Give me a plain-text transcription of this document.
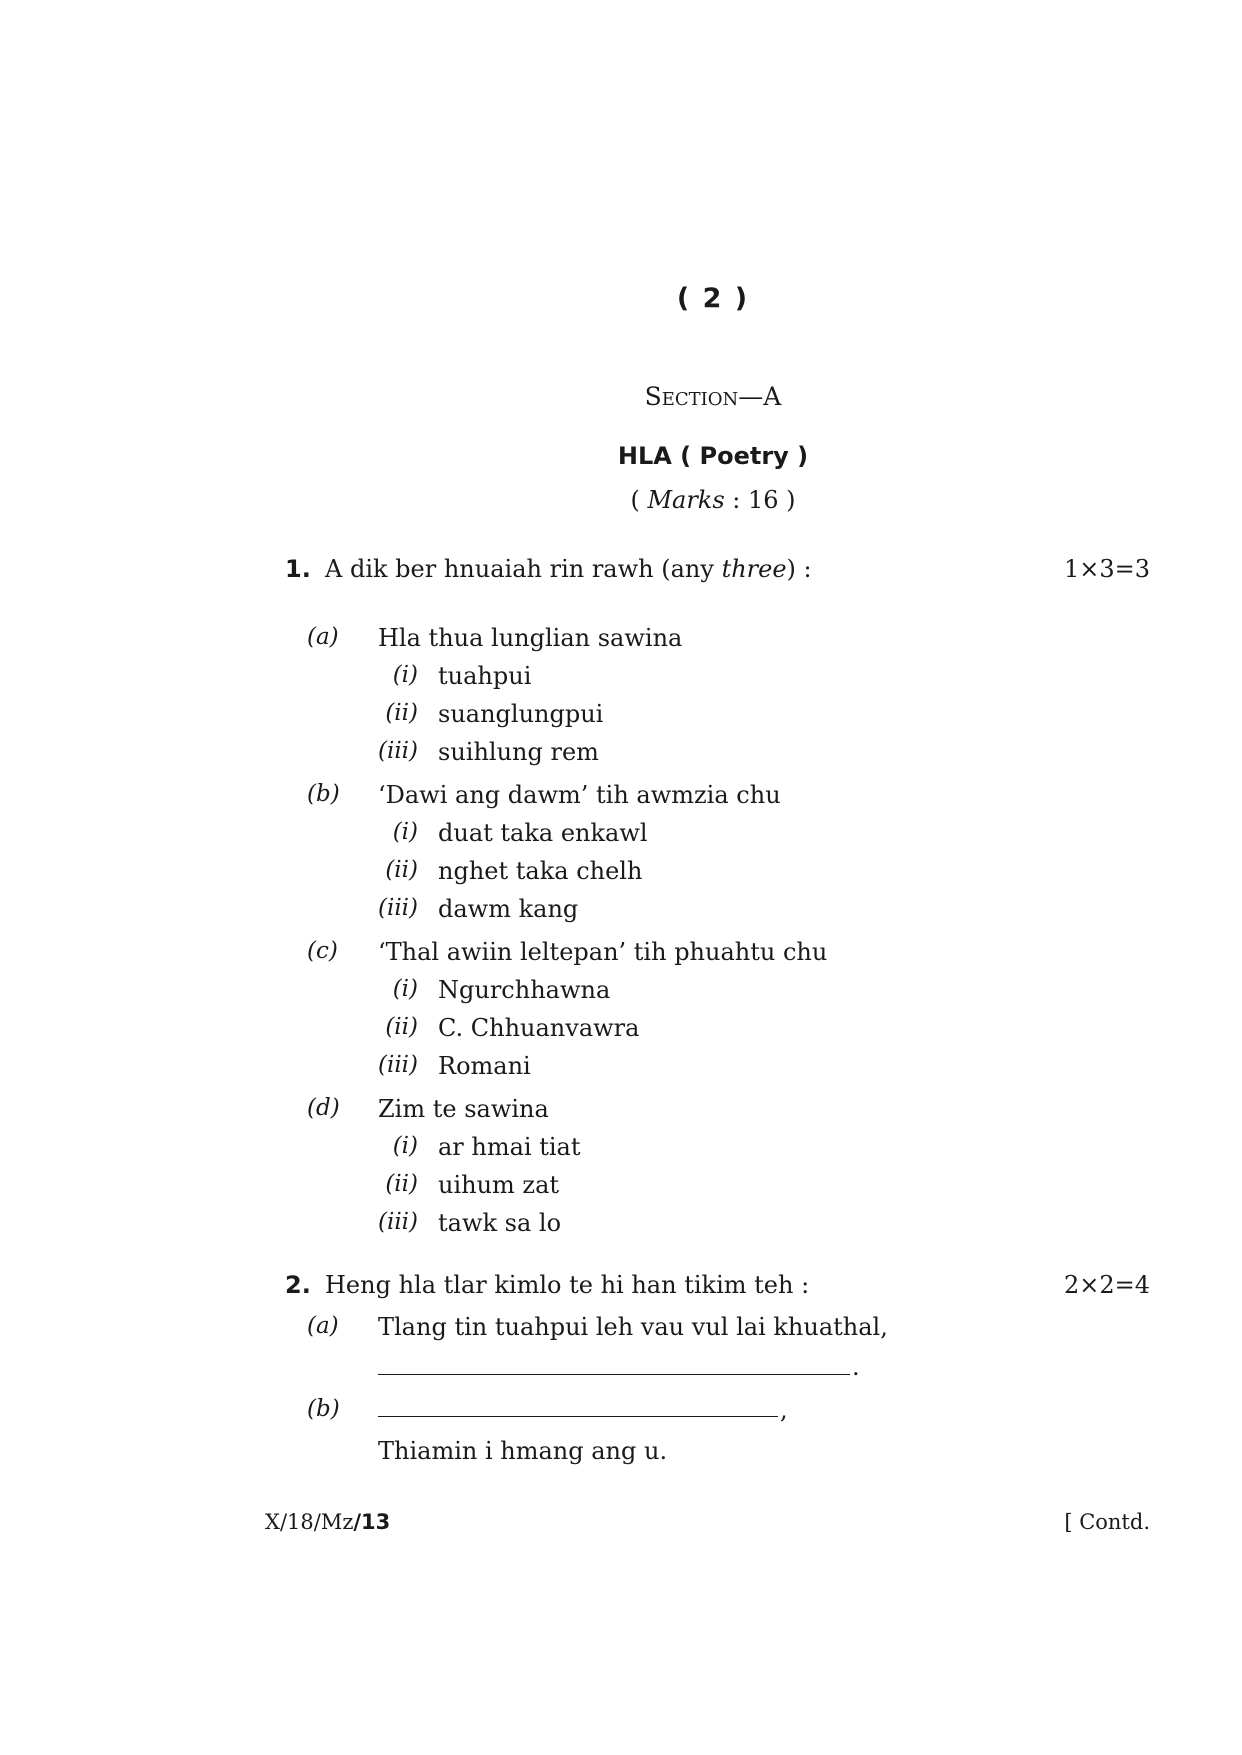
( 2 )
Section—A
HLA ( Poetry )
( Marks : 16 )
1. A dik ber hnuaiah rin rawh (any three) :	1×3=3
(a)	Hla thua lunglian sawina
(i) tuahpui
(ii) suanglungpui
(iii) suihlung rem
(b)	‘Dawi ang dawm’ tih awmzia chu
(i) duat taka enkawl
(ii) nghet taka chelh
(iii) dawm kang
(c)	‘Thal awiin leltepan’ tih phuahtu chu
(i) Ngurchhawna
(ii) C. Chhuanvawra
(iii) Romani
(d)	Zim te sawina
(i) ar hmai tiat
(ii) uihum zat
(iii) tawk sa lo
2. Heng hla tlar kimlo te hi han tikim teh :	2×2=4
(a)	Tlang tin tuahpui leh vau vul lai khuathal,
.
(b)	,
Thiamin i hmang ang u.
X/18/Mz/13	[ Contd.
